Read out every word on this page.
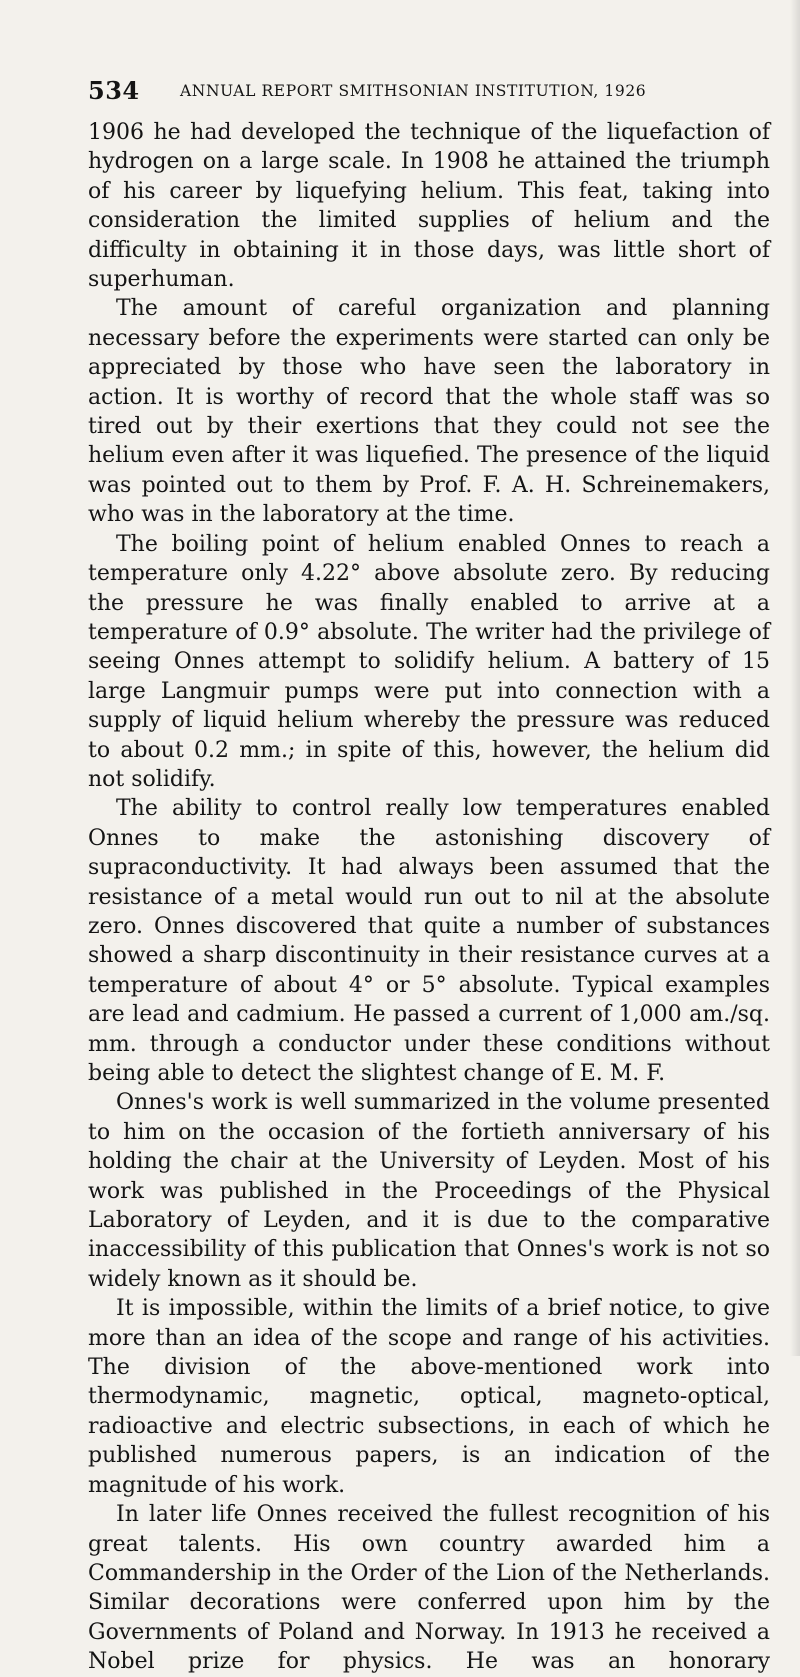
534	ANNUAL REPORT SMITHSONIAN INSTITUTION, 1926

1906 he had developed the technique of the liquefaction of hydrogen on a large scale. In 1908 he attained the triumph of his career by liquefying helium. This feat, taking into consideration the limited supplies of helium and the difficulty in obtaining it in those days, was little short of superhuman.

The amount of careful organization and planning necessary before the experiments were started can only be appreciated by those who have seen the laboratory in action. It is worthy of record that the whole staff was so tired out by their exertions that they could not see the helium even after it was liquefied. The presence of the liquid was pointed out to them by Prof. F. A. H. Schreinemakers, who was in the laboratory at the time.

The boiling point of helium enabled Onnes to reach a temperature only 4.22° above absolute zero. By reducing the pressure he was finally enabled to arrive at a temperature of 0.9° absolute. The writer had the privilege of seeing Onnes attempt to solidify helium. A battery of 15 large Langmuir pumps were put into connection with a supply of liquid helium whereby the pressure was reduced to about 0.2 mm.; in spite of this, however, the helium did not solidify.

The ability to control really low temperatures enabled Onnes to make the astonishing discovery of supraconductivity. It had always been assumed that the resistance of a metal would run out to nil at the absolute zero. Onnes discovered that quite a number of substances showed a sharp discontinuity in their resistance curves at a temperature of about 4° or 5° absolute. Typical examples are lead and cadmium. He passed a current of 1,000 am./sq. mm. through a conductor under these conditions without being able to detect the slightest change of E. M. F.

Onnes's work is well summarized in the volume presented to him on the occasion of the fortieth anniversary of his holding the chair at the University of Leyden. Most of his work was published in the Proceedings of the Physical Laboratory of Leyden, and it is due to the comparative inaccessibility of this publication that Onnes's work is not so widely known as it should be.

It is impossible, within the limits of a brief notice, to give more than an idea of the scope and range of his activities. The division of the above-mentioned work into thermodynamic, magnetic, optical, magneto-optical, radioactive and electric subsections, in each of which he published numerous papers, is an indication of the magnitude of his work.

In later life Onnes received the fullest recognition of his great talents. His own country awarded him a Commandership in the Order of the Lion of the Netherlands. Similar decorations were conferred upon him by the Governments of Poland and Norway. In 1913 he received a Nobel prize for physics. He was an honorary
